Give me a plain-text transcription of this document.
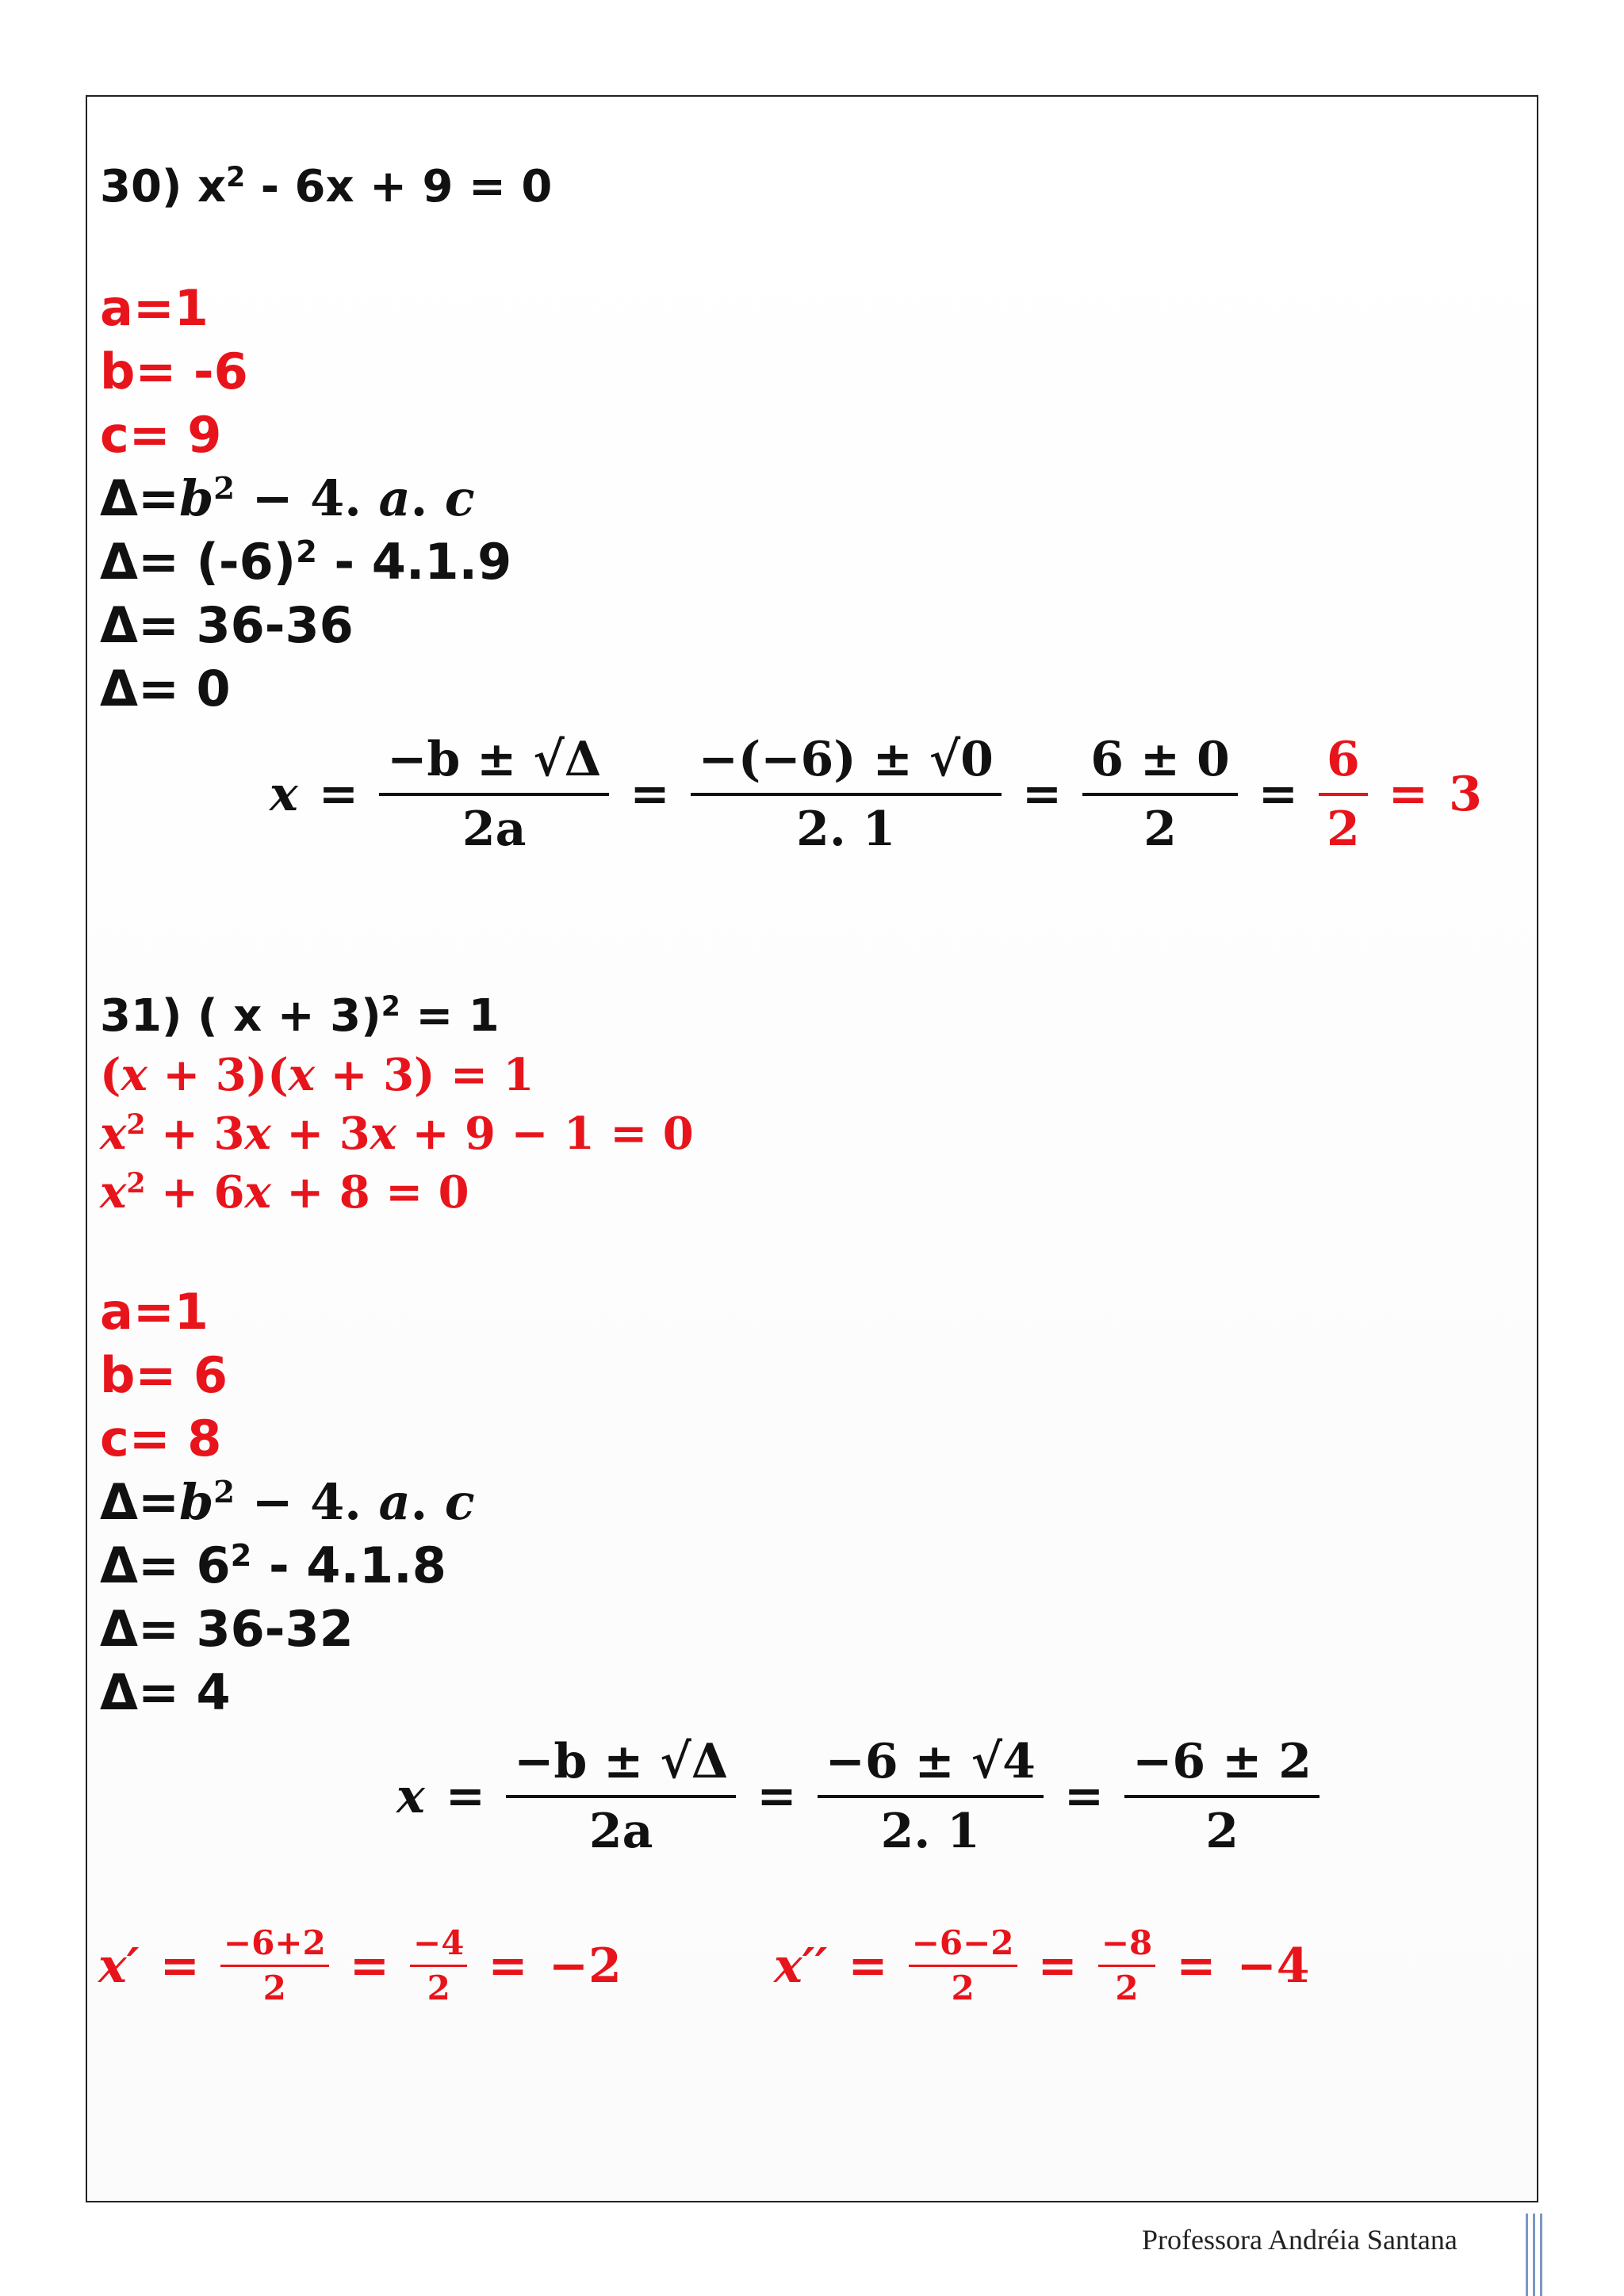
30) $x^2 - 6x + 9 = 0$
a=1
b= -6
c= 9
$\Delta=b^2 - 4$. a. c
$\Delta= (-6)^2 - 4.1.9$
Δ= 36-36
Δ= 0
$x = \frac{-b \pm √\Delta}{2a} = \frac{-(-6) \pm √0}{2. 1} = \frac{6 \pm 0}{2} = \frac{6}{2} = 3$
31) ( x + 3)$^2$ = 1
(x + 3)(x + 3) = 1
$x^2 + 3x + 3x + 9 - 1 = 0$
$x^2 + 6x + 8 = 0$
a=1
b= 6
c= 8
$\Delta=b^2 - 4$. a. c
$\Delta= 6^2 - 4.1.8$
Δ= 36-32
Δ= 4
$x = \frac{-b \pm √\Delta}{2a} = \frac{-6 \pm √4}{2. 1} = \frac{-6 \pm 2}{2}$
$x' = \frac{-6+2}{2} = \frac{-4}{2} = -2$	$x'' = \frac{-6-2}{2} = \frac{-8}{2} = -4$
Professora Andréia Santana
